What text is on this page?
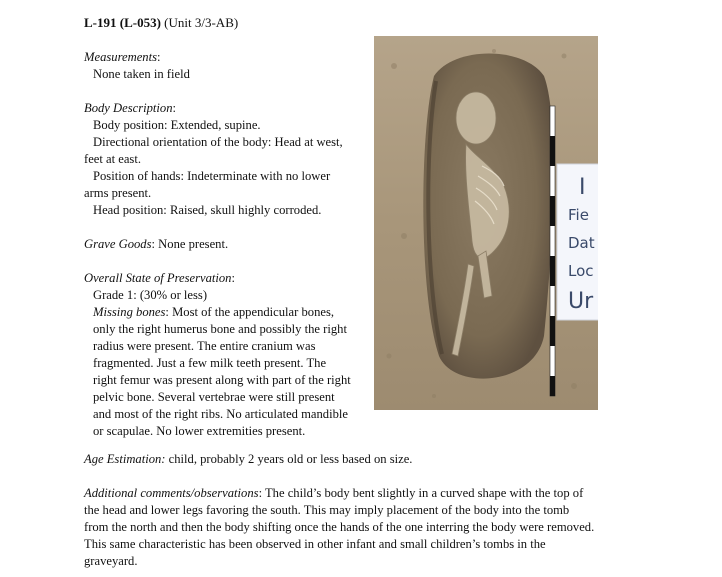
L-191 (L-053) (Unit 3/3-AB)
Measurements:
None taken in field
Body Description:
Body position: Extended, supine.
Directional orientation of the body: Head at west,
feet at east.
Position of hands: Indeterminate with no lower
arms present.
Head position: Raised, skull highly corroded.
Grave Goods: None present.
Overall State of Preservation:
Grade 1: (30% or less)
Missing bones: Most of the appendicular bones,
only the right humerus bone and possibly the right
radius were present. The entire cranium was
fragmented. Just a few milk teeth present. The
right femur was present along with part of the right
pelvic bone. Several vertebrae were still present
and most of the right ribs. No articulated mandible
or scapulae. No lower extremities present.
Age Estimation: child, probably 2 years old or less based on size.
Additional comments/observations: The child’s body bent slightly in a curved shape with the top of
the head and lower legs favoring the south. This may imply placement of the body into the tomb
from the north and then the body shifting once the hands of the one interring the body were removed.
This same characteristic has been observed in other infant and small children’s tombs in the
graveyard.
I
Fie
Dat
Loc
Ur
